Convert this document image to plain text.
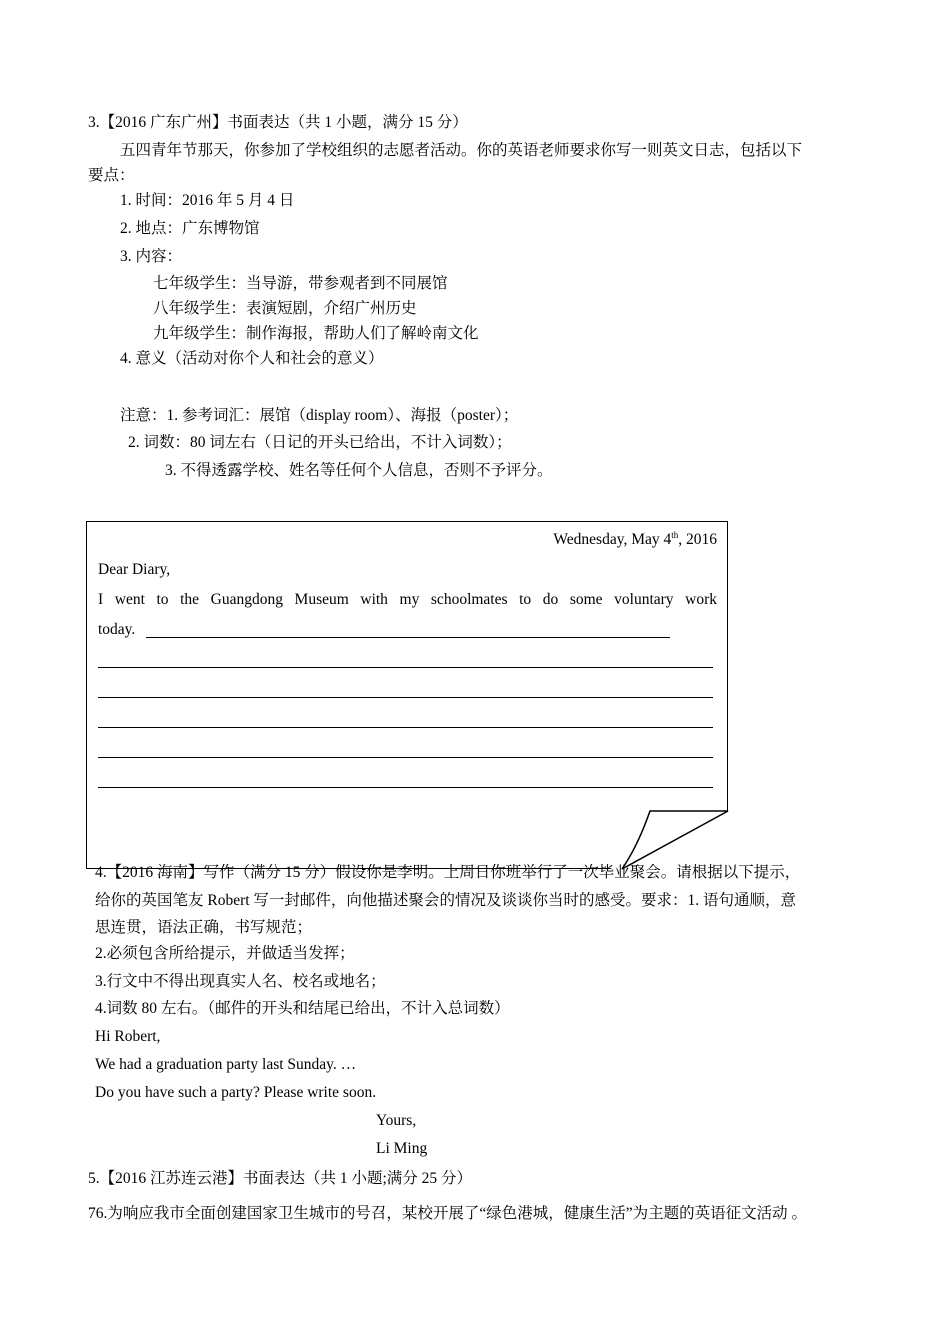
3.【2016 广东广州】书面表达（共 1 小题，满分 15 分）
五四青年节那天，你参加了学校组织的志愿者活动。你的英语老师要求你写一则英文日志，包括以下
要点：
1. 时间：2016 年 5 月 4 日
2. 地点：广东博物馆
3. 内容：
七年级学生：当导游，带参观者到不同展馆
八年级学生：表演短剧，介绍广州历史
九年级学生：制作海报，帮助人们了解岭南文化
4. 意义（活动对你个人和社会的意义）
注意：1. 参考词汇：展馆（display room）、海报（poster）；
2. 词数：80 词左右（日记的开头已给出，不计入词数）；
3. 不得透露学校、姓名等任何个人信息，否则不予评分。
Wednesday, May 4th, 2016
Dear Diary,
I went to the Guangdong Museum with my schoolmates to do some voluntary work
today.
4.【2016 海南】写作（满分 15 分）假设你是李明。上周日你班举行了一次毕业聚会。请根据以下提示，
给你的英国笔友 Robert 写一封邮件，向他描述聚会的情况及谈谈你当时的感受。要求：1. 语句通顺，意
思连贯，语法正确，书写规范；
2.必须包含所给提示，并做适当发挥；
3.行文中不得出现真实人名、校名或地名；
4.词数 80 左右。（邮件的开头和结尾已给出，不计入总词数）
Hi Robert,
We had a graduation party last Sunday. …
Do you have such a party? Please write soon.
Yours,
Li Ming
5.【2016 江苏连云港】书面表达（共 1 小题;满分 25 分）
76.为响应我市全面创建国家卫生城市的号召，某校开展了“绿色港城，健康生活”为主题的英语征文活动 。
